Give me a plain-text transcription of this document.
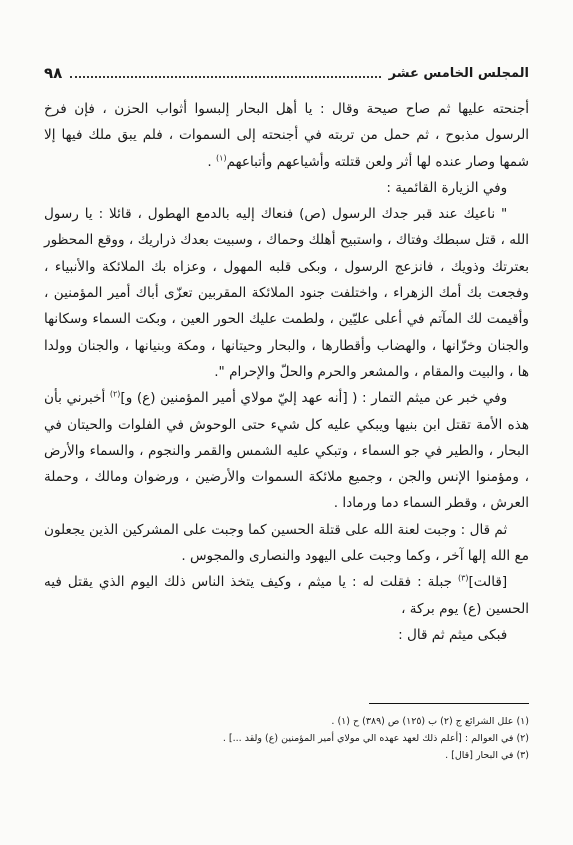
٩٨	المجلس الخامس عشر

أجنحته عليها ثم صاح صيحة وقال : يا أهل البحار إلبسوا أثواب الحزن ، فإن فرخ الرسول مذبوح ، ثم حمل من تربته في أجنحته إلى السموات ، فلم يبق ملك فيها إلا شمها وصار عنده لها أثر ولعن قتلته وأشياعهم وأتباعهم$^{(١)}$ .

وفي الزيارة القائمية :

" ناعيك عند قبر جدك الرسول (ص) فنعاك إليه بالدمع الهطول ، قائلا : يا رسول الله ، قتل سبطك وفتاك ، واستبيح أهلك وحماك ، وسبيت بعدك ذراريك ، ووقع المحظور بعترتك وذويك ، فانزعج الرسول ، وبكى قلبه المهول ، وعزاه بك الملائكة والأنبياء ، وفجعت بك أمك الزهراء ، واختلفت جنود الملائكة المقربين تعزّى أباك أمير المؤمنين ، وأقيمت لك المآتم في أعلى عليّين ، ولطمت عليك الحور العين ، وبكت السماء وسكانها والجنان وخزّانها ، والهضاب وأقطارها ، والبحار وحيتانها ، ومكة وبنيانها ، والجنان وولدا ها ، والبيت والمقام ، والمشعر والحرم والحلّ والإحرام ".

وفي خبر عن ميثم التمار : ( [أنه عهد إليّ مولاي أمير المؤمنين (ع) و]$^{(٢)}$ أخبرني بأن هذه الأمة تقتل ابن بنيها ويبكي عليه كل شيء حتى الوحوش في الفلوات والحيتان في البحار ، والطير في جو السماء ، وتبكي عليه الشمس والقمر والنجوم ، والسماء والأرض ، ومؤمنوا الإنس والجن ، وجميع ملائكة السموات والأرضين ، ورضوان ومالك ، وحملة العرش ، وقطر السماء دما ورمادا .

ثم قال : وجبت لعنة الله على قتلة الحسين كما وجبت على المشركين الذين يجعلون مع الله إلها آخر ، وكما وجبت على اليهود والنصارى والمجوس .

[قالت]$^{(٣)}$ جبلة : فقلت له : يا ميثم ، وكيف يتخذ الناس ذلك اليوم الذي يقتل فيه الحسين (ع) يوم بركة ،

فبكى ميثم ثم قال :

(١) علل الشرائع ج (٢) ب (١٢٥) ص (٣٨٩) ح (١) .

(٢) في العوالم : [أعلم ذلك لعهد عهده الي مولاي أمير المؤمنين (ع) ولقد ...] .

(٣) في البحار [قال] .
